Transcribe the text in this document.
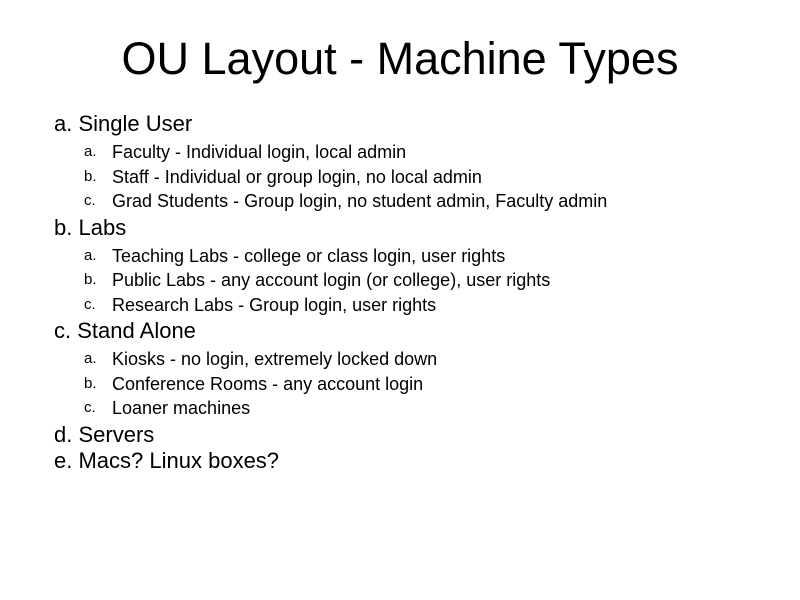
OU Layout - Machine Types
a. Single User
a. Faculty - Individual login, local admin
b. Staff - Individual or group login, no local admin
c. Grad Students - Group login, no student admin, Faculty admin
b. Labs
a. Teaching Labs - college or class login, user rights
b. Public Labs - any account login (or college), user rights
c. Research Labs - Group login, user rights
c. Stand Alone
a. Kiosks - no login, extremely locked down
b. Conference Rooms - any account login
c. Loaner machines
d. Servers
e. Macs? Linux boxes?
